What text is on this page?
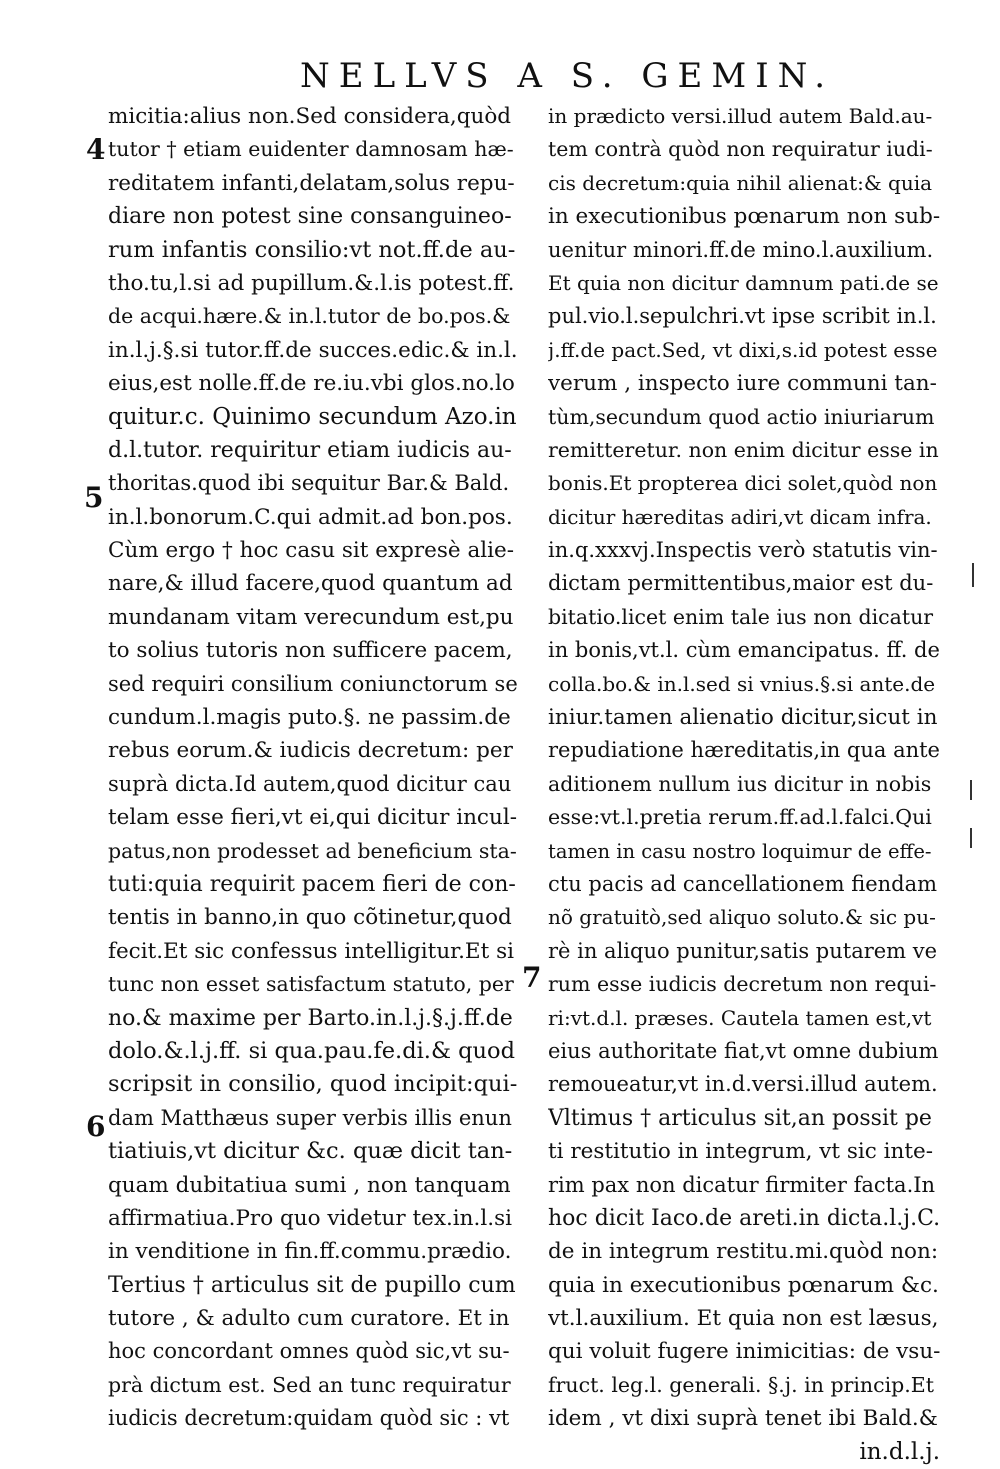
NELLVS A S. GEMIN.
4
5
6
7
micitia:alius non.Sed considera,quòd
tutor † etiam euidenter damnosam hæ-
reditatem infanti,delatam,solus repu-
diare non potest sine consanguineo-
rum infantis consilio:vt not.ff.de au-
tho.tu,l.si ad pupillum.&.l.is potest.ff.
de acqui.hære.& in.l.tutor de bo.pos.&
in.l.j.§.si tutor.ff.de succes.edic.& in.l.
eius,est nolle.ff.de re.iu.vbi glos.no.lo
quitur.c. Quinimo secundum Azo.in
d.l.tutor. requiritur etiam iudicis au-
thoritas.quod ibi sequitur Bar.& Bald.
in.l.bonorum.C.qui admit.ad bon.pos.
Cùm ergo † hoc casu sit expresè alie-
nare,& illud facere,quod quantum ad
mundanam vitam verecundum est,pu
to solius tutoris non sufficere pacem,
sed requiri consilium coniunctorum se
cundum.l.magis puto.§. ne passim.de
rebus eorum.& iudicis decretum: per
suprà dicta.Id autem,quod dicitur cau
telam esse fieri,vt ei,qui dicitur incul-
patus,non prodesset ad beneficium sta-
tuti:quia requirit pacem fieri de con-
tentis in banno,in quo cõtinetur,quod
fecit.Et sic confessus intelligitur.Et si
tunc non esset satisfactum statuto, per
no.& maxime per Barto.in.l.j.§.j.ff.de
dolo.&.l.j.ff. si qua.pau.fe.di.& quod
scripsit in consilio, quod incipit:qui-
dam Matthæus super verbis illis enun
tiatiuis,vt dicitur &c. quæ dicit tan-
quam dubitatiua sumi , non tanquam
affirmatiua.Pro quo videtur tex.in.l.si
in venditione in fin.ff.commu.prædio.
Tertius † articulus sit de pupillo cum
tutore , & adulto cum curatore. Et in
hoc concordant omnes quòd sic,vt su-
prà dictum est. Sed an tunc requiratur
iudicis decretum:quidam quòd sic : vt
in prædicto versi.illud autem Bald.au-
tem contrà quòd non requiratur iudi-
cis decretum:quia nihil alienat:& quia
in executionibus pœnarum non sub-
uenitur minori.ff.de mino.l.auxilium.
Et quia non dicitur damnum pati.de se
pul.vio.l.sepulchri.vt ipse scribit in.l.
j.ff.de pact.Sed, vt dixi,s.id potest esse
verum , inspecto iure communi tan-
tùm,secundum quod actio iniuriarum
remitteretur. non enim dicitur esse in
bonis.Et propterea dici solet,quòd non
dicitur hæreditas adiri,vt dicam infra.
in.q.xxxvj.Inspectis verò statutis vin-
dictam permittentibus,maior est du-
bitatio.licet enim tale ius non dicatur
in bonis,vt.l. cùm emancipatus. ff. de
colla.bo.& in.l.sed si vnius.§.si ante.de
iniur.tamen alienatio dicitur,sicut in
repudiatione hæreditatis,in qua ante
aditionem nullum ius dicitur in nobis
esse:vt.l.pretia rerum.ff.ad.l.falci.Qui
tamen in casu nostro loquimur de effe-
ctu pacis ad cancellationem fiendam
nõ gratuitò,sed aliquo soluto.& sic pu-
rè in aliquo punitur,satis putarem ve
rum esse iudicis decretum non requi-
ri:vt.d.l. præses. Cautela tamen est,vt
eius authoritate fiat,vt omne dubium
remoueatur,vt in.d.versi.illud autem.
Vltimus † articulus sit,an possit pe
ti restitutio in integrum, vt sic inte-
rim pax non dicatur firmiter facta.In
hoc dicit Iaco.de areti.in dicta.l.j.C.
de in integrum restitu.mi.quòd non:
quia in executionibus pœnarum &c.
vt.l.auxilium. Et quia non est læsus,
qui voluit fugere inimicitias: de vsu-
fruct. leg.l. generali. §.j. in princip.Et
idem , vt dixi suprà tenet ibi Bald.&
in.d.l.j.
